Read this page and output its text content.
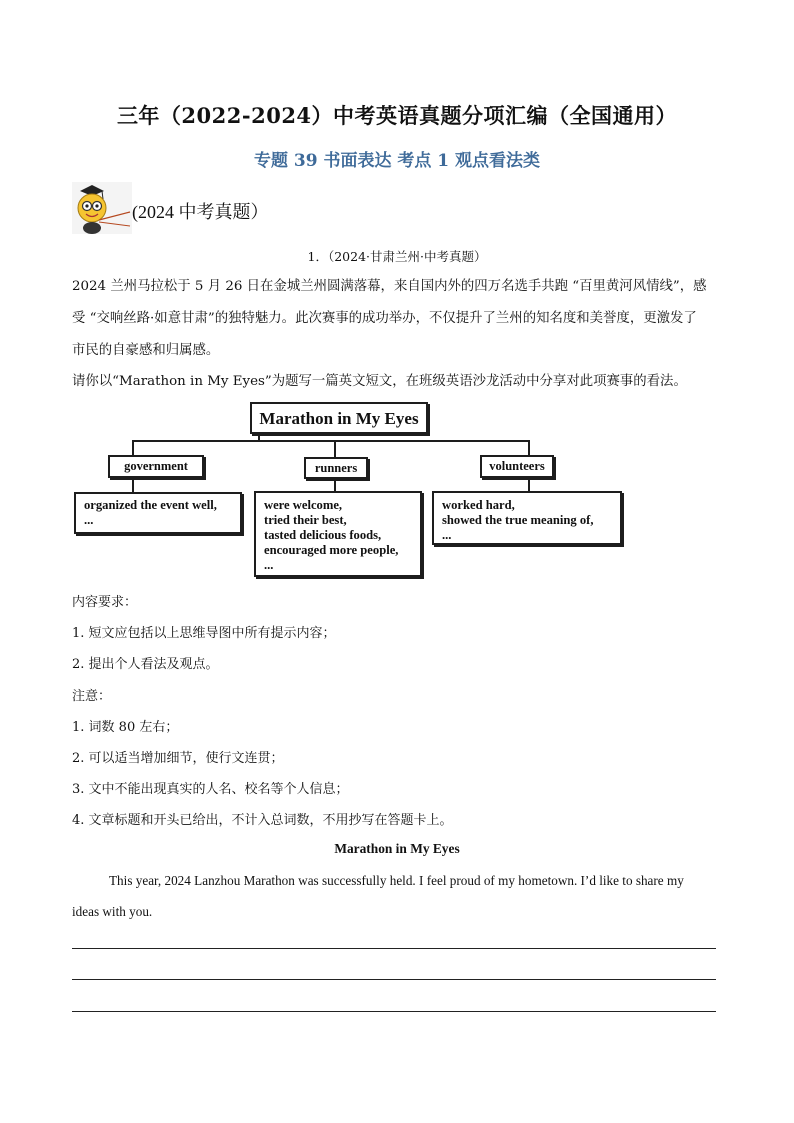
三年（2022-2024）中考英语真题分项汇编（全国通用）
专题 39 书面表达 考点 1 观点看法类
(2024 中考真题）
1．（2024·甘肃兰州·中考真题）
2024 兰州马拉松于 5 月 26 日在金城兰州圆满落幕，来自国内外的四万名选手共跑 “百里黄河风情线”，感
受 “交响丝路·如意甘肃”的独特魅力。此次赛事的成功举办，不仅提升了兰州的知名度和美誉度，更激发了
市民的自豪感和归属感。
请你以“Marathon in My Eyes”为题写一篇英文短文，在班级英语沙龙活动中分享对此项赛事的看法。
Marathon in My Eyes
government	runners	volunteers
organized the event well,
...
were welcome,
tried their best,
tasted delicious foods,
encouraged more people,
...
worked hard,
showed the true meaning of,
...
内容要求：
1. 短文应包括以上思维导图中所有提示内容；
2. 提出个人看法及观点。
注意：
1. 词数 80 左右；
2. 可以适当增加细节，使行文连贯；
3. 文中不能出现真实的人名、校名等个人信息；
4. 文章标题和开头已给出，不计入总词数，不用抄写在答题卡上。
Marathon in My Eyes
This year, 2024 Lanzhou Marathon was successfully held. I feel proud of my hometown. I’d like to share my
ideas with you.
